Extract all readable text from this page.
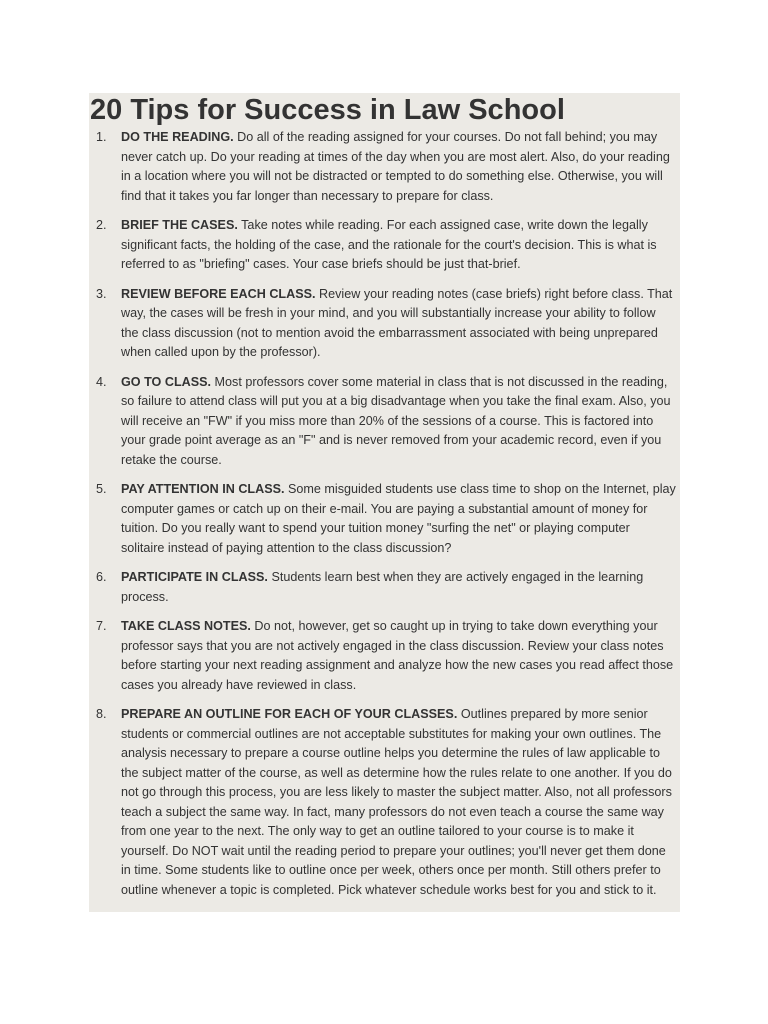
20 Tips for Success in Law School
1.	DO THE READING. Do all of the reading assigned for your courses. Do not fall behind; you may never catch up. Do your reading at times of the day when you are most alert. Also, do your reading in a location where you will not be distracted or tempted to do something else. Otherwise, you will find that it takes you far longer than necessary to prepare for class.
2.	BRIEF THE CASES. Take notes while reading. For each assigned case, write down the legally significant facts, the holding of the case, and the rationale for the court's decision. This is what is referred to as "briefing" cases. Your case briefs should be just that-brief.
3.	REVIEW BEFORE EACH CLASS. Review your reading notes (case briefs) right before class. That way, the cases will be fresh in your mind, and you will substantially increase your ability to follow the class discussion (not to mention avoid the embarrassment associated with being unprepared when called upon by the professor).
4.	GO TO CLASS. Most professors cover some material in class that is not discussed in the reading, so failure to attend class will put you at a big disadvantage when you take the final exam. Also, you will receive an "FW" if you miss more than 20% of the sessions of a course. This is factored into your grade point average as an "F" and is never removed from your academic record, even if you retake the course.
5.	PAY ATTENTION IN CLASS. Some misguided students use class time to shop on the Internet, play computer games or catch up on their e-mail. You are paying a substantial amount of money for tuition. Do you really want to spend your tuition money "surfing the net" or playing computer solitaire instead of paying attention to the class discussion?
6.	PARTICIPATE IN CLASS. Students learn best when they are actively engaged in the learning process.
7.	TAKE CLASS NOTES. Do not, however, get so caught up in trying to take down everything your professor says that you are not actively engaged in the class discussion. Review your class notes before starting your next reading assignment and analyze how the new cases you read affect those cases you already have reviewed in class.
8.	PREPARE AN OUTLINE FOR EACH OF YOUR CLASSES. Outlines prepared by more senior students or commercial outlines are not acceptable substitutes for making your own outlines. The analysis necessary to prepare a course outline helps you determine the rules of law applicable to the subject matter of the course, as well as determine how the rules relate to one another. If you do not go through this process, you are less likely to master the subject matter. Also, not all professors teach a subject the same way. In fact, many professors do not even teach a course the same way from one year to the next. The only way to get an outline tailored to your course is to make it yourself. Do NOT wait until the reading period to prepare your outlines; you'll never get them done in time. Some students like to outline once per week, others once per month. Still others prefer to outline whenever a topic is completed. Pick whatever schedule works best for you and stick to it.
